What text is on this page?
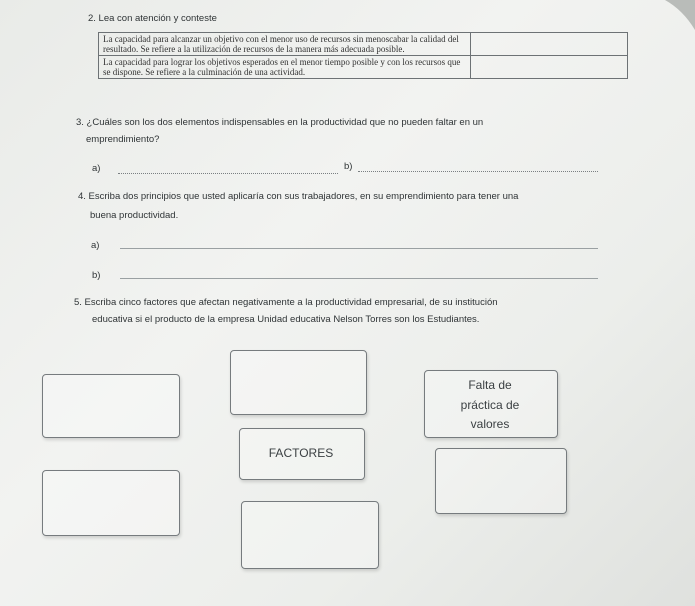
2. Lea con atención y conteste
La capacidad para alcanzar un objetivo con el menor uso de recursos sin menoscabar la calidad del resultado. Se refiere a la utilización de recursos de la manera más adecuada posible.	
La capacidad para lograr los objetivos esperados en el menor tiempo posible y con los recursos que se dispone. Se refiere a la culminación de una actividad.	
3. ¿Cuáles son los dos elementos indispensables en la productividad que no pueden faltar en un
emprendimiento?
a)	b)
4. Escriba dos principios que usted aplicaría con sus trabajadores, en su emprendimiento para tener una
buena productividad.
a)
b)
5. Escriba cinco factores que afectan negativamente a la productividad empresarial, de su institución
educativa si el producto de la empresa Unidad educativa Nelson Torres son los Estudiantes.
Falta de
práctica de
valores
FACTORES
